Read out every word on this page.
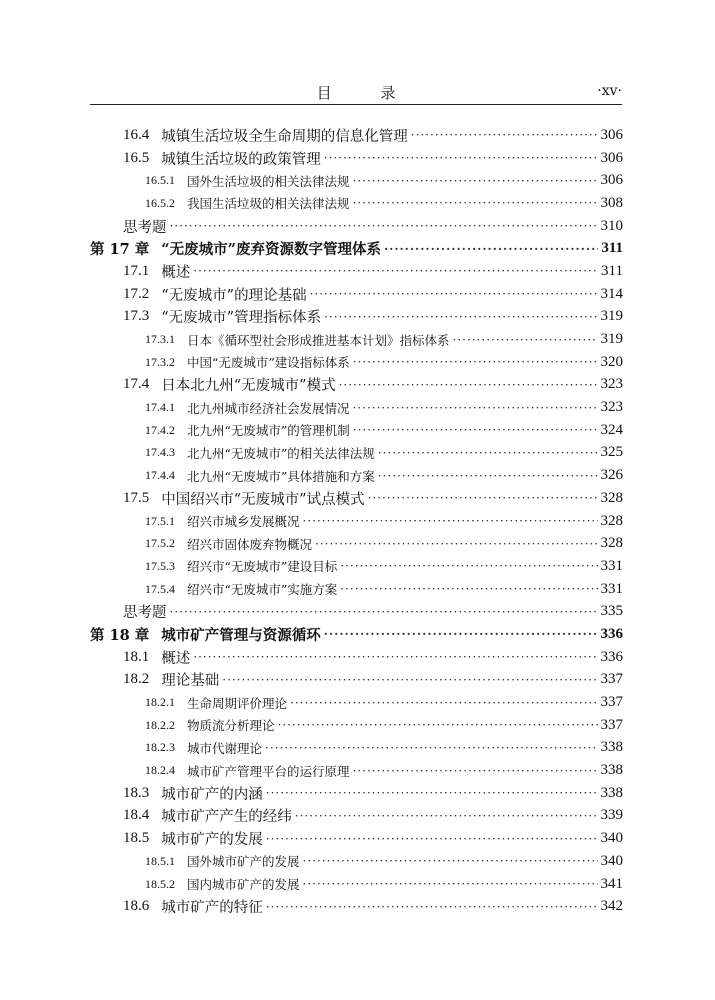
目 录	·xv·
16.4 城镇生活垃圾全生命周期的信息化管理 ·····	306
16.5 城镇生活垃圾的政策管理 ·····	306
16.5.1 国外生活垃圾的相关法律法规 ·····	306
16.5.2 我国生活垃圾的相关法律法规 ·····	308
思考题 ·····	310
第 17 章 “无废城市”废弃资源数字管理体系 ·····	311
17.1 概述 ·····	311
17.2 “无废城市”的理论基础 ·····	314
17.3 “无废城市”管理指标体系 ·····	319
17.3.1 日本《循环型社会形成推进基本计划》指标体系 ·····	319
17.3.2 中国“无废城市”建设指标体系 ·····	320
17.4 日本北九州“无废城市”模式 ·····	323
17.4.1 北九州城市经济社会发展情况 ·····	323
17.4.2 北九州“无废城市”的管理机制 ·····	324
17.4.3 北九州“无废城市”的相关法律法规 ·····	325
17.4.4 北九州“无废城市”具体措施和方案 ·····	326
17.5 中国绍兴市“无废城市”试点模式 ·····	328
17.5.1 绍兴市城乡发展概况 ·····	328
17.5.2 绍兴市固体废弃物概况 ·····	328
17.5.3 绍兴市“无废城市”建设目标 ·····	331
17.5.4 绍兴市“无废城市”实施方案 ·····	331
思考题 ·····	335
第 18 章 城市矿产管理与资源循环 ·····	336
18.1 概述 ·····	336
18.2 理论基础 ·····	337
18.2.1 生命周期评价理论 ·····	337
18.2.2 物质流分析理论 ·····	337
18.2.3 城市代谢理论 ·····	338
18.2.4 城市矿产管理平台的运行原理 ·····	338
18.3 城市矿产的内涵 ·····	338
18.4 城市矿产产生的经纬 ·····	339
18.5 城市矿产的发展 ·····	340
18.5.1 国外城市矿产的发展 ·····	340
18.5.2 国内城市矿产的发展 ·····	341
18.6 城市矿产的特征 ·····	342
